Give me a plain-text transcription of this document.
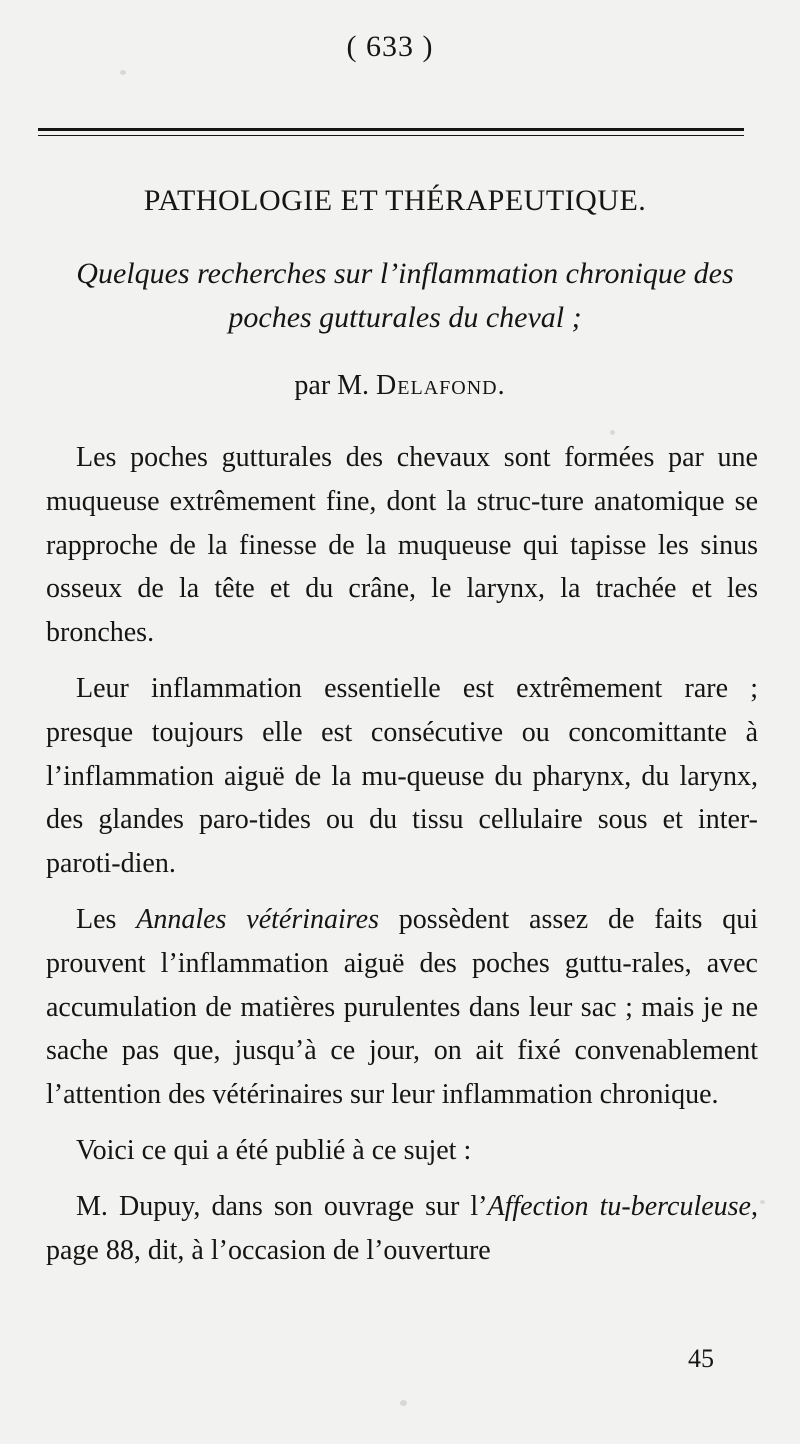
( 633 )
PATHOLOGIE ET THÉRAPEUTIQUE.
Quelques recherches sur l’inflammation chronique des poches gutturales du cheval ;
par M. Delafond.

Les poches gutturales des chevaux sont formées par une muqueuse extrêmement fine, dont la struc-ture anatomique se rapproche de la finesse de la muqueuse qui tapisse les sinus osseux de la tête et du crâne, le larynx, la trachée et les bronches.

Leur inflammation essentielle est extrêmement rare ; presque toujours elle est consécutive ou concomittante à l’inflammation aiguë de la mu-queuse du pharynx, du larynx, des glandes paro-tides ou du tissu cellulaire sous et inter-paroti-dien.

Les Annales vétérinaires possèdent assez de faits qui prouvent l’inflammation aiguë des poches guttu-rales, avec accumulation de matières purulentes dans leur sac ; mais je ne sache pas que, jusqu’à ce jour, on ait fixé convenablement l’attention des vétérinaires sur leur inflammation chronique.

Voici ce qui a été publié à ce sujet :

M. Dupuy, dans son ouvrage sur l’Affection tu-berculeuse, page 88, dit, à l’occasion de l’ouverture

45
